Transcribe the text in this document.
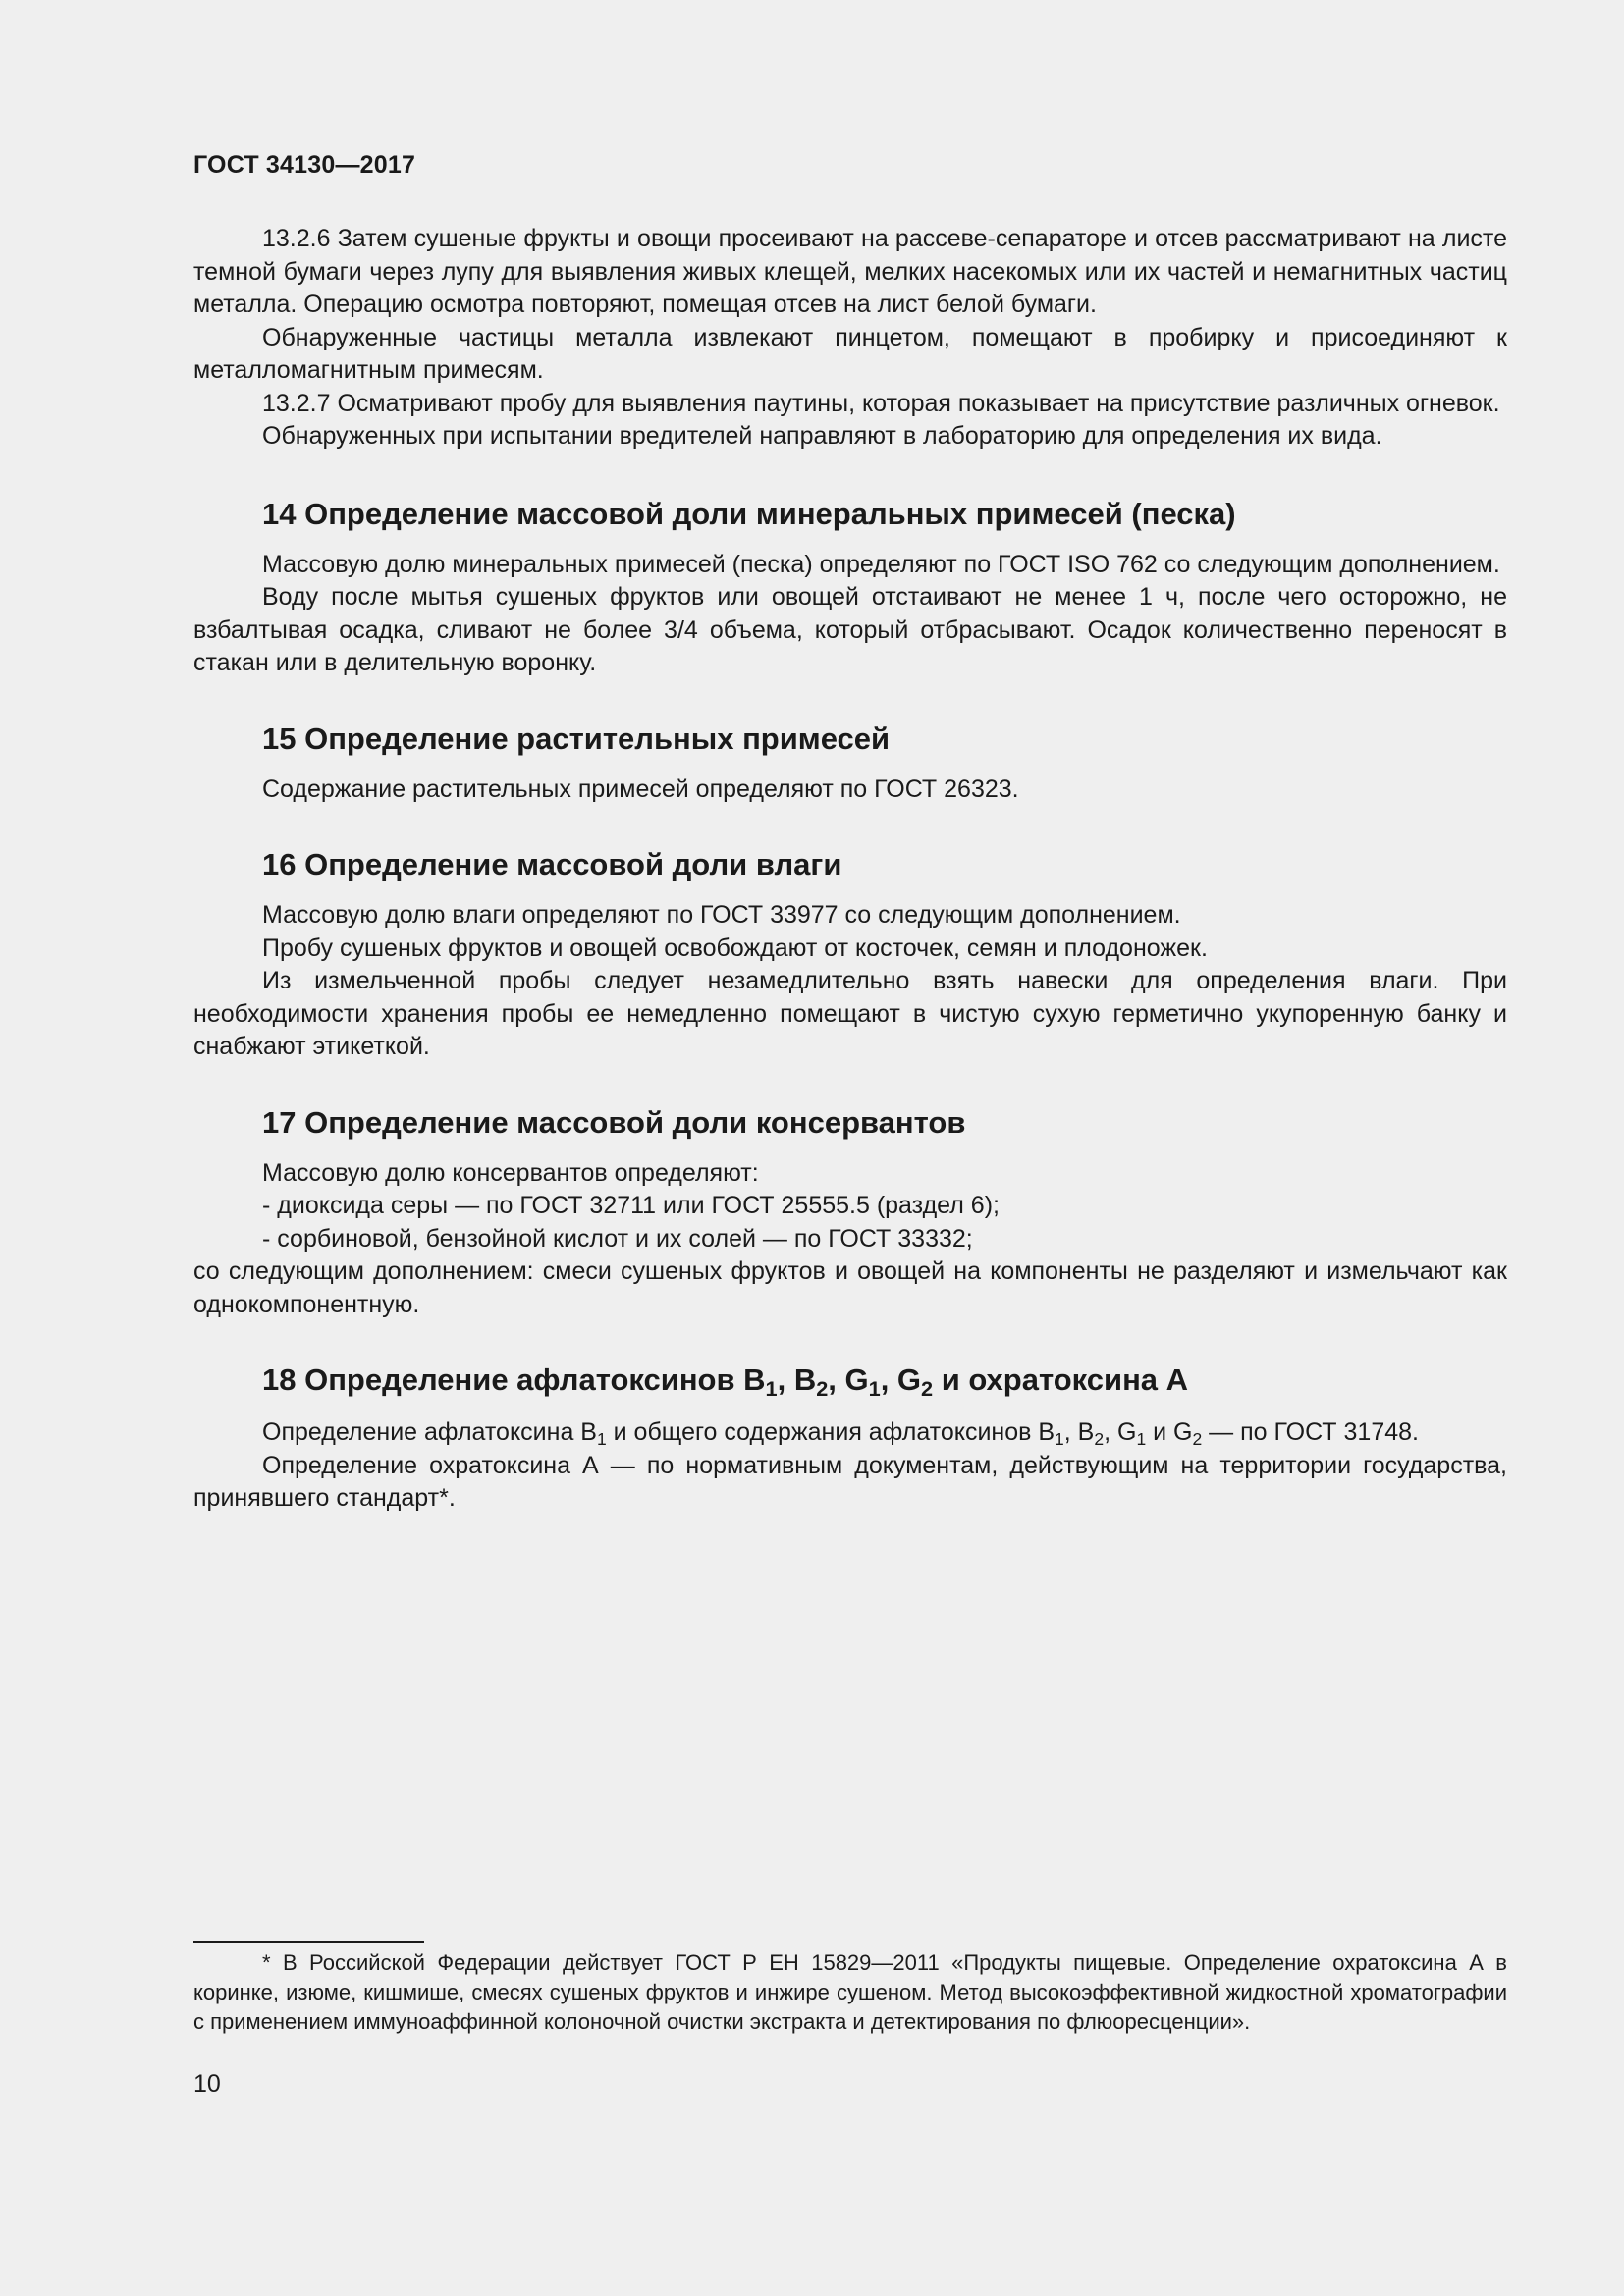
ГОСТ 34130—2017

13.2.6 Затем сушеные фрукты и овощи просеивают на рассеве-сепараторе и отсев рассматривают на листе темной бумаги через лупу для выявления живых клещей, мелких насекомых или их частей и немагнитных частиц металла. Операцию осмотра повторяют, помещая отсев на лист белой бумаги.

Обнаруженные частицы металла извлекают пинцетом, помещают в пробирку и присоединяют к металломагнитным примесям.

13.2.7 Осматривают пробу для выявления паутины, которая показывает на присутствие различных огневок.

Обнаруженных при испытании вредителей направляют в лабораторию для определения их вида.

14 Определение массовой доли минеральных примесей (песка)

Массовую долю минеральных примесей (песка) определяют по ГОСТ ISO 762 со следующим дополнением.

Воду после мытья сушеных фруктов или овощей отстаивают не менее 1 ч, после чего осторожно, не взбалтывая осадка, сливают не более 3/4 объема, который отбрасывают. Осадок количественно переносят в стакан или в делительную воронку.

15 Определение растительных примесей

Содержание растительных примесей определяют по ГОСТ 26323.

16 Определение массовой доли влаги

Массовую долю влаги определяют по ГОСТ 33977 со следующим дополнением.

Пробу сушеных фруктов и овощей освобождают от косточек, семян и плодоножек.

Из измельченной пробы следует незамедлительно взять навески для определения влаги. При необходимости хранения пробы ее немедленно помещают в чистую сухую герметично укупоренную банку и снабжают этикеткой.

17 Определение массовой доли консервантов

Массовую долю консервантов определяют:

- диоксида серы — по ГОСТ 32711 или ГОСТ 25555.5 (раздел 6);

- сорбиновой, бензойной кислот и их солей — по ГОСТ 33332;

со следующим дополнением: смеси сушеных фруктов и овощей на компоненты не разделяют и измельчают как однокомпонентную.

18 Определение афлатоксинов $B_1$, $B_2$, $G_1$, $G_2$ и охратоксина А

Определение афлатоксина $B_1$ и общего содержания афлатоксинов $B_1$, $B_2$, $G_1$ и $G_2$ — по ГОСТ 31748.

Определение охратоксина А — по нормативным документам, действующим на территории государства, принявшего стандарт*.

* В Российской Федерации действует ГОСТ Р ЕН 15829—2011 «Продукты пищевые. Определение охратоксина А в коринке, изюме, кишмише, смесях сушеных фруктов и инжире сушеном. Метод высокоэффективной жидкостной хроматографии с применением иммуноаффинной колоночной очистки экстракта и детектирования по флюоресценции».

10
